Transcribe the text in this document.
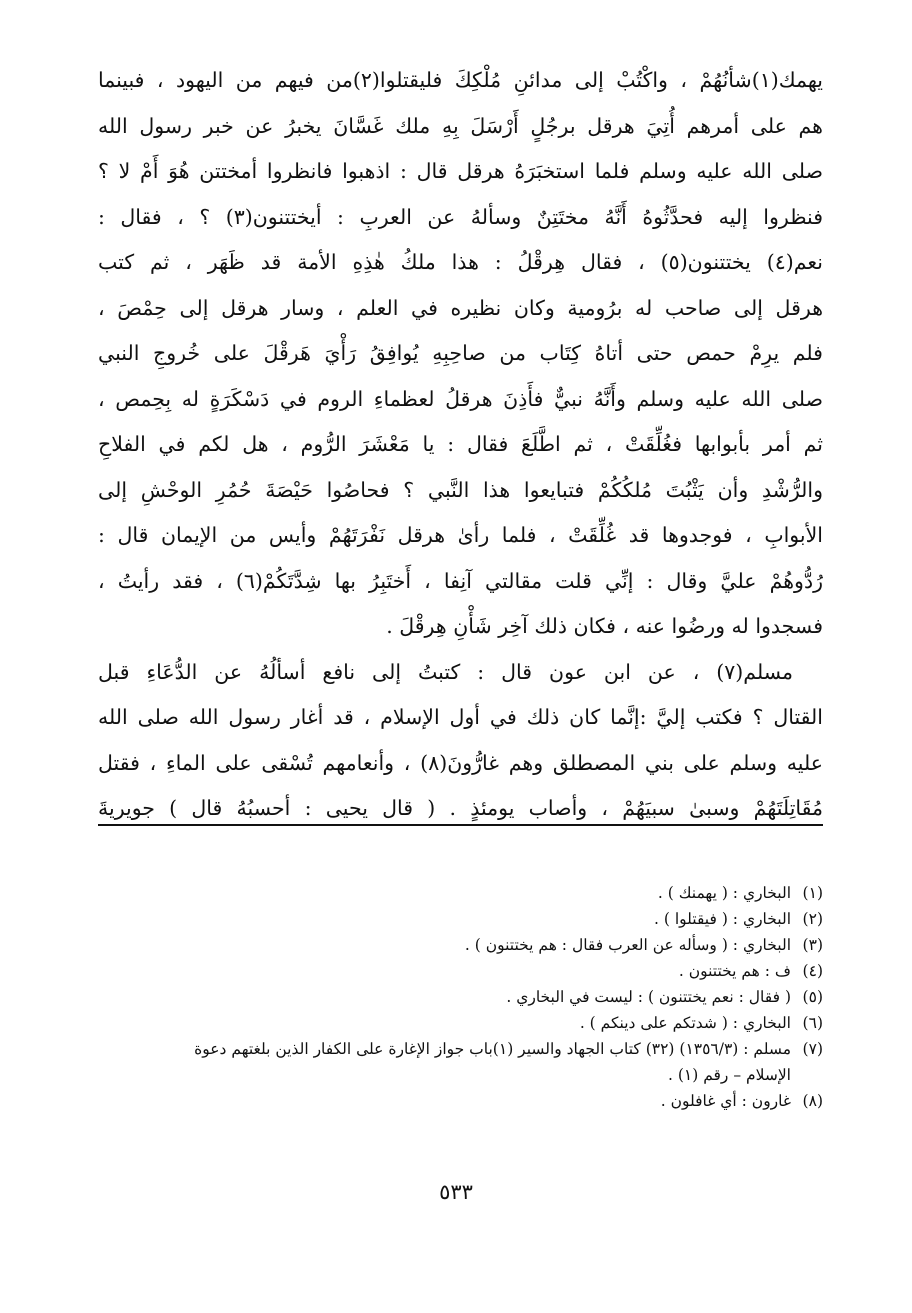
يهمك(١)شأنُهُمْ ، واكْتُبْ إلى مدائنِ مُلْكِكَ فليقتلوا(٢)من فيهم من اليهود ، فبينما
هم على أمرهم أُتِيَ هرقل برجُلٍ أَرْسَلَ بِهِ ملك غَسَّانَ يخبرُ عن خبر رسول الله
صلى الله عليه وسلم فلما استخبَرَهُ هرقل قال : اذهبوا فانظروا أمختتن هُوَ أَمْ لا ؟
فنظروا إليه فحدَّثُوهُ أَنَّهُ مختَتِنٌ وسألهُ عن العربِ : أيختتنون(٣) ؟ ، فقال :
نعم(٤) يختتنون(٥) ، فقال هِرقْلُ : هذا ملكُ هٰذِهِ الأمة قد ظَهَر ، ثم كتب
هرقل إلى صاحب له برُومية وكان نظيره في العلم ، وسار هرقل إلى حِمْصَ ،
فلم يرِمْ حمص حتى أتاهُ كِتَاب من صاحِبِهِ يُوافِقُ رَأْيَ هَرقْلَ على خُروجِ النبي
صلى الله عليه وسلم وأَنَّهُ نبيٌّ فأَذِنَ هرقلُ لعظماءِ الروم في دَسْكَرَةٍ له بِحِمص ،
ثم أمر بأبوابها فغُلِّقَتْ ، ثم اطَّلَعَ فقال : يا مَعْشَرَ الرُّوم ، هل لكم في الفلاحِ
والرُّشْدِ وأن يَثْبُتَ مُلكُكُمْ فتبايعوا هذا النَّبي ؟ فحاصُوا حَيْصَةَ حُمُرِ الوحْشِ إلى
الأبوابِ ، فوجدوها قد غُلِّقَتْ ، فلما رأىٰ هرقل نَفْرَتَهُمْ وأيس من الإيمان قال :
رُدُّوهُمْ عليَّ وقال : إنِّي قلت مقالتي آنِفا ، أَختَبِرُ بها شِدَّتَكُمْ(٦) ، فقد رأيتُ ،
فسجدوا له ورضُوا عنه ، فكان ذلك آخِر شَأْنِ هِرقْلَ .
مسلم(٧) ، عن ابن عون قال : كتبتُ إلى نافع أسألُهُ عن الدُّعَاءِ قبل
القتال ؟ فكتب إليَّ :إنَّما كان ذلك في أول الإسلام ، قد أغار رسول الله صلى الله
عليه وسلم على بني المصطلق وهم غارُّونَ(٨) ، وأنعامهم تُسْقى على الماءِ ، فقتل
مُقَاتِلَتَهُمْ وسبىٰ سبيَهُمْ ، وأصاب يومئذٍ . ( قال يحيى : أحسبُهُ قال ) جويريةَ
(١)البخاري : ( يهمنك ) .
(٢)البخاري : ( فيقتلوا ) .
(٣)البخاري : ( وسأله عن العرب فقال : هم يختتنون ) .
(٤)ف : هم يختتنون .
(٥)( فقال : نعم يختتنون ) : ليست في البخاري .
(٦)البخاري : ( شدتكم على دينكم ) .
(٧)مسلم : (١٣٥٦/٣) (٣٢) كتاب الجهاد والسير (١)باب جواز الإغارة على الكفار الذين بلغتهم دعوة
الإسلام – رقم (١) .
(٨)غارون : أي غافلون .
٥٣٣
